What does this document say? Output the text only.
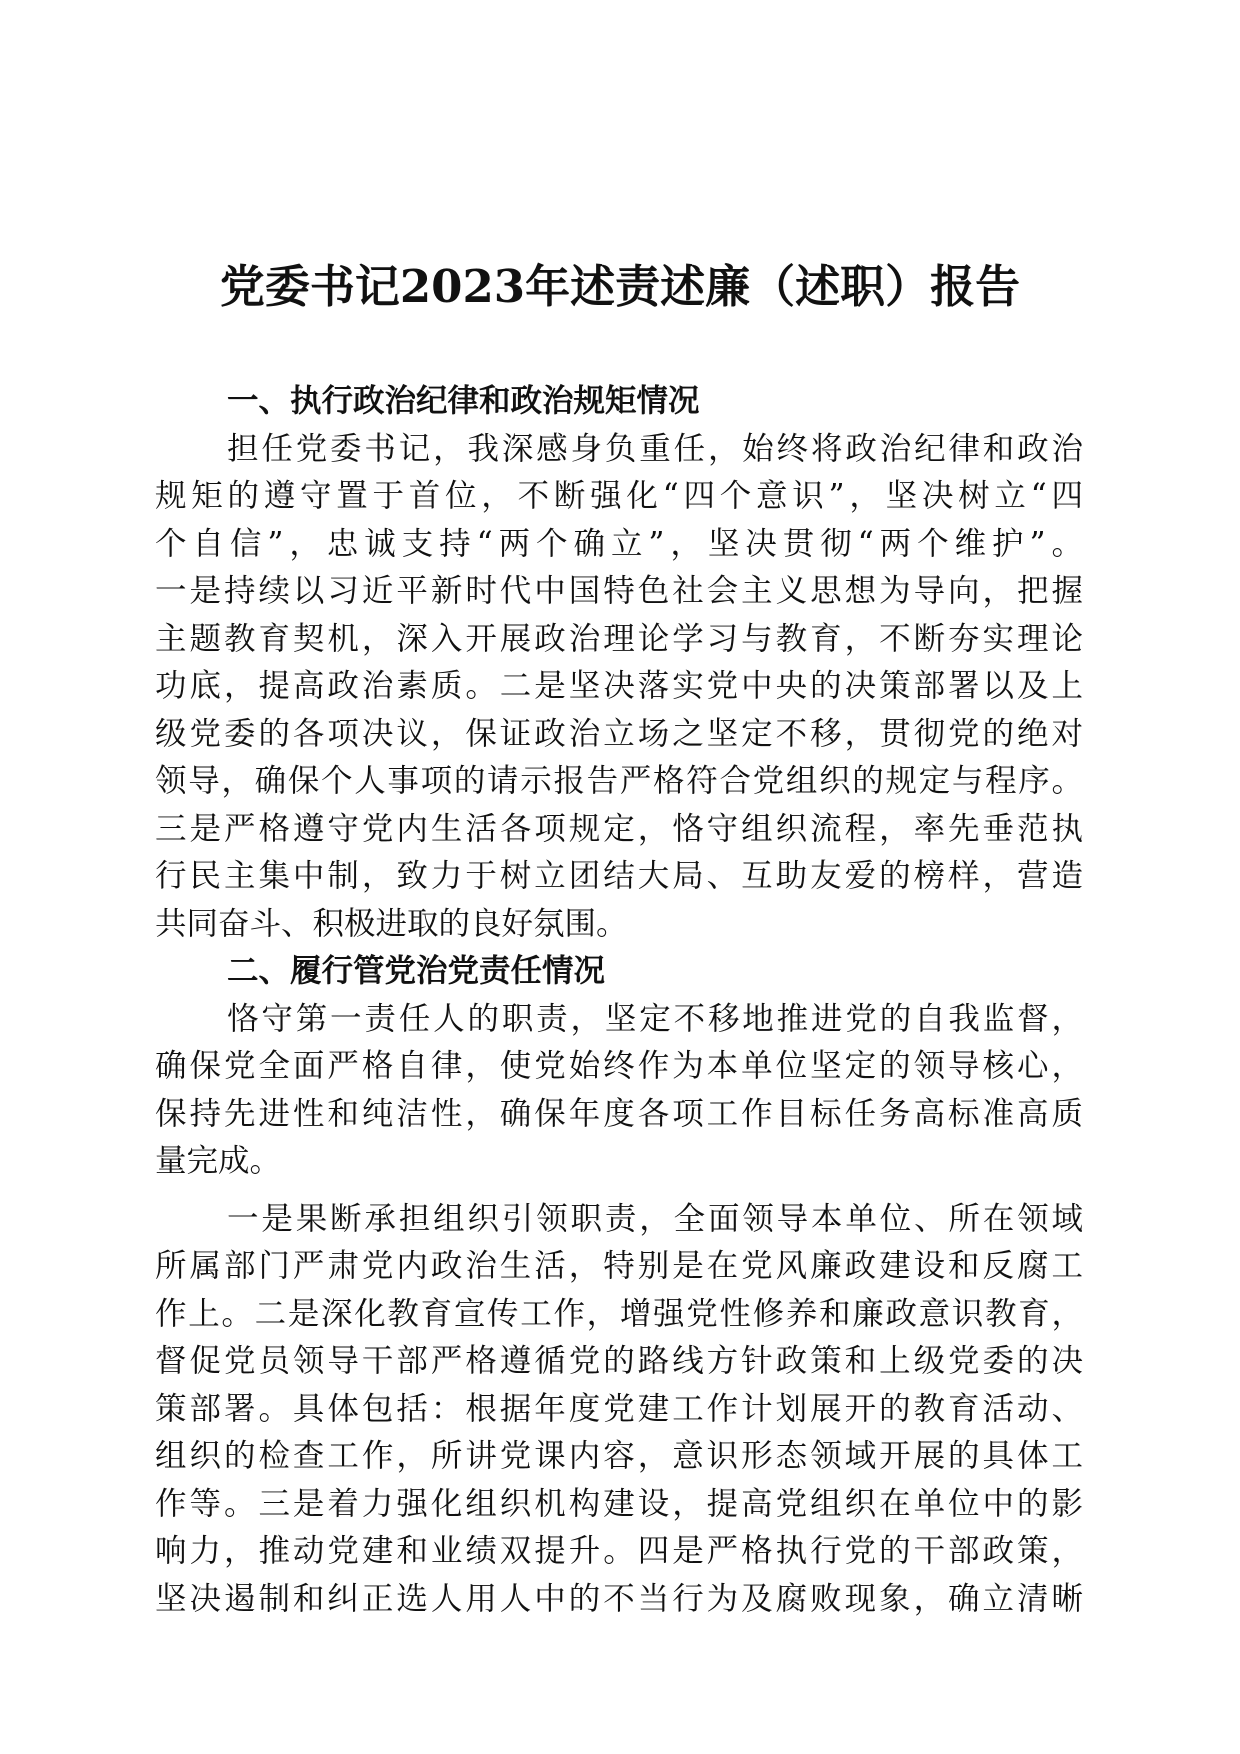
党委书记2023年述责述廉（述职）报告
一、执行政治纪律和政治规矩情况
担任党委书记，我深感身负重任，始终将政治纪律和政治
规矩的遵守置于首位，不断强化“四个意识”，坚决树立“四
个自信”，忠诚支持“两个确立”，坚决贯彻“两个维护”。
一是持续以习近平新时代中国特色社会主义思想为导向，把握
主题教育契机，深入开展政治理论学习与教育，不断夯实理论
功底，提高政治素质。二是坚决落实党中央的决策部署以及上
级党委的各项决议，保证政治立场之坚定不移，贯彻党的绝对
领导，确保个人事项的请示报告严格符合党组织的规定与程序。
三是严格遵守党内生活各项规定，恪守组织流程，率先垂范执
行民主集中制，致力于树立团结大局、互助友爱的榜样，营造
共同奋斗、积极进取的良好氛围。
二、履行管党治党责任情况
恪守第一责任人的职责，坚定不移地推进党的自我监督，
确保党全面严格自律，使党始终作为本单位坚定的领导核心，
保持先进性和纯洁性，确保年度各项工作目标任务高标准高质
量完成。
一是果断承担组织引领职责，全面领导本单位、所在领域
所属部门严肃党内政治生活，特别是在党风廉政建设和反腐工
作上。二是深化教育宣传工作，增强党性修养和廉政意识教育，
督促党员领导干部严格遵循党的路线方针政策和上级党委的决
策部署。具体包括：根据年度党建工作计划展开的教育活动、
组织的检查工作，所讲党课内容，意识形态领域开展的具体工
作等。三是着力强化组织机构建设，提高党组织在单位中的影
响力，推动党建和业绩双提升。四是严格执行党的干部政策，
坚决遏制和纠正选人用人中的不当行为及腐败现象，确立清晰
